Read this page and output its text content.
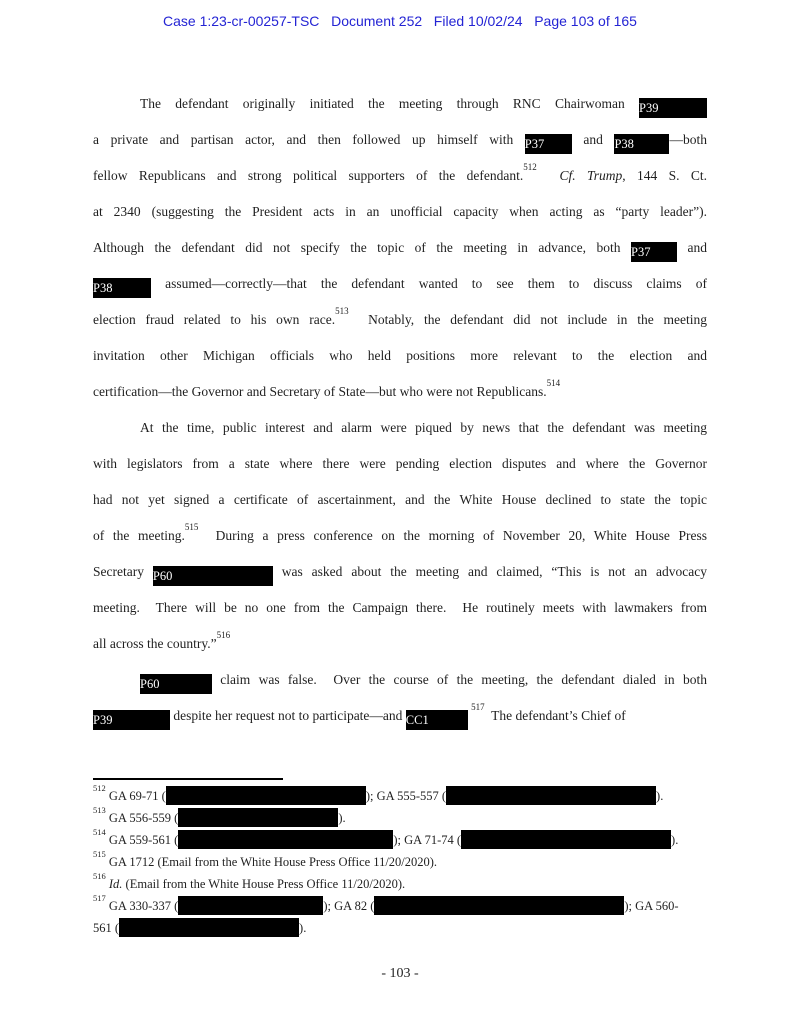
Case 1:23-cr-00257-TSC   Document 252   Filed 10/02/24   Page 103 of 165
The defendant originally initiated the meeting through RNC Chairwoman P39
a private and partisan actor, and then followed up himself with P37 and P38	—both
fellow Republicans and strong political supporters of the defendant.$^{512}$  Cf. Trump, 144 S. Ct.
at 2340 (suggesting the President acts in an unofficial capacity when acting as “party leader”).
Although the defendant did not specify the topic of the meeting in advance, both P37 and
P38	assumed—correctly—that the defendant wanted to see them to discuss claims of
election fraud related to his own race.$^{513}$  Notably, the defendant did not include in the meeting
invitation other Michigan officials who held positions more relevant to the election and
certification—the Governor and Secretary of State—but who were not Republicans.$^{514}$
At the time, public interest and alarm were piqued by news that the defendant was meeting
with legislators from a state where there were pending election disputes and where the Governor
had not yet signed a certificate of ascertainment, and the White House declined to state the topic
of the meeting.$^{515}$  During a press conference on the morning of November 20, White House Press
Secretary P60	was asked about the meeting and claimed, “This is not an advocacy
meeting.  There will be no one from the Campaign there.  He routinely meets with lawmakers from
all across the country.”$^{516}$
P60	claim was false.  Over the course of the meeting, the defendant dialed in both
P39	despite her request not to participate—and CC1 $^{517}$  The defendant’s Chief of
$^{512}$ GA 69-71 (	); GA 555-557 (	).
$^{513}$ GA 556-559 (	).
$^{514}$ GA 559-561 (	); GA 71-74 (	).
$^{515}$ GA 1712 (Email from the White House Press Office 11/20/2020).
$^{516}$ Id. (Email from the White House Press Office 11/20/2020).
$^{517}$ GA 330-337 (	); GA 82 (	); GA 560-
561 (	).
- 103 -
